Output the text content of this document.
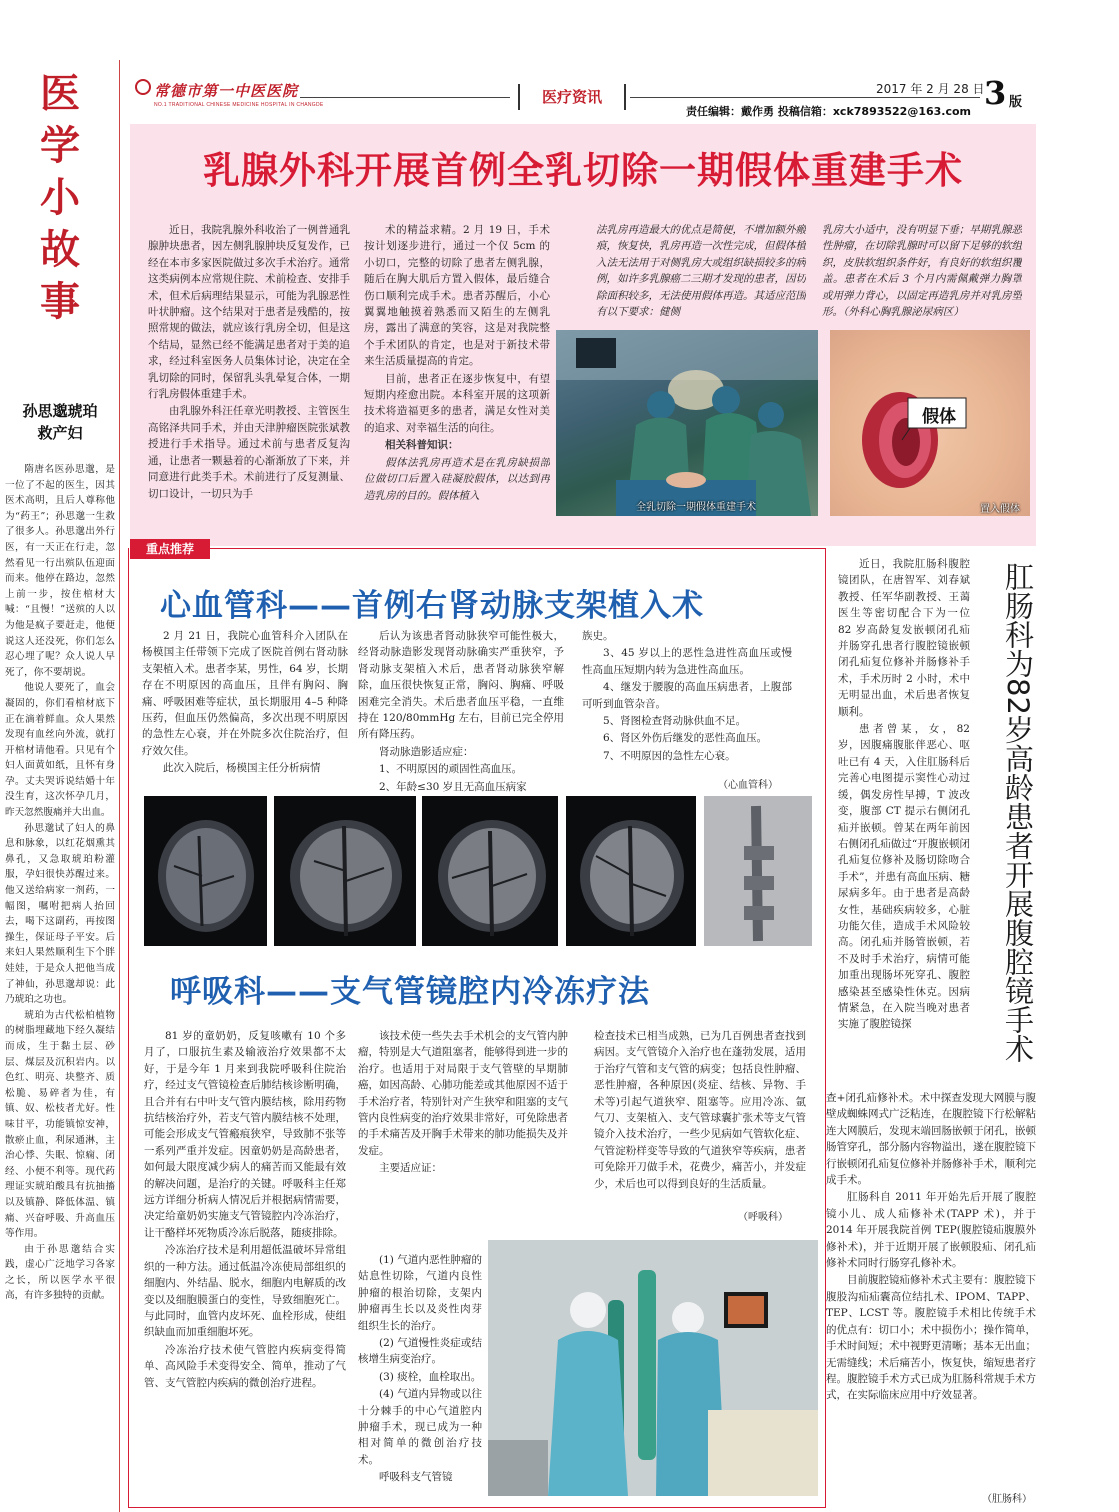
医学小故事
孙思邈琥珀
救产妇

隋唐名医孙思邈，是一位了不起的医生，因其医术高明，且后人尊称他为“药王”；孙思邈一生救了很多人。孙思邈出外行医，有一天正在行走，忽然看见一行出殡队伍迎面而来。他停在路边，忽然上前一步，按住棺材大喊：“且慢！”送殡的人以为他是疯子要赶走，他便说这人还没死，你们怎么忍心埋了呢？众人说人早死了，你不要胡说。

他说人要死了，血会凝固的，你们看棺材底下正在滴着鲜血。众人果然发现有血丝向外流，就打开棺材请他看。只见有个妇人面黄如纸，且怀有身孕。丈夫哭诉说结婚十年没生育，这次怀孕几月，昨天忽然腹痛并大出血。

孙思邈试了妇人的鼻息和脉象，以红花烟熏其鼻孔，又急取琥珀粉灌服，孕妇很快苏醒过来。他又送给病家一剂药，一幅图，嘱咐把病人抬回去，喝下这副药，再按图操生，保证母子平安。后来妇人果然顺利生下个胖娃娃，于是众人把他当成了神仙，孙思邈却说：此乃琥珀之功也。

琥珀为古代松柏植物的树脂埋藏地下经久凝结而成，生于黏土层、砂层、煤层及沉积岩内。以色红、明亮、块整齐、质松脆、易碎者为佳，有镇、奴、松枝者尤好。性味甘平，功能镇惊安神，散瘀止血，利尿通淋，主治心悸、失眠、惊痫、闭经、小便不利等。现代药理证实琥珀酸具有抗抽搐以及镇静、降低体温、镇痛、兴奋呼吸、升高血压等作用。

由于孙思邈结合实践，虚心广泛地学习各家之长，所以医学水平很高，有许多独特的贡献。

常德市第一中医医院
NO.1 TRADITIONAL CHINESE MEDICINE HOSPITAL IN CHANGDE	医疗资讯	2017 年 2 月 28 日 3 版
责任编辑：戴作勇 投稿信箱：xck7893522@163.com
乳腺外科开展首例全乳切除一期假体重建手术

近日，我院乳腺外科收治了一例普通乳腺肿块患者，因左侧乳腺肿块反复发作，已经在本市多家医院做过多次手术治疗。通常这类病例本应常规住院、术前检查、安排手术，但术后病理结果显示，可能为乳腺恶性叶状肿瘤。这个结果对于患者是残酷的，按照常规的做法，就应该行乳房全切，但是这个结局，显然已经不能满足患者对于美的追求，经过科室医务人员集体讨论，决定在全乳切除的同时，保留乳头乳晕复合体，一期行乳房假体重建手术。

由乳腺外科汪任章光明教授、主管医生高铭泽共同手术，并由天津肿瘤医院张斌教授进行手术指导。通过术前与患者反复沟通，让患者一颗悬着的心渐渐放了下来，并同意进行此类手术。术前进行了反复测量、切口设计，一切只为手

术的精益求精。2 月 19 日，手术按计划逐步进行，通过一个仅 5cm 的小切口，完整的切除了患者左侧乳腺，随后在胸大肌后方置入假体，最后缝合伤口顺利完成手术。患者苏醒后，小心翼翼地触摸着熟悉而又陌生的左侧乳房，露出了满意的笑容，这是对我院整个手术团队的肯定，也是对于新技术带来生活质量提高的肯定。

目前，患者正在逐步恢复中，有望短期内痊愈出院。本科室开展的这项新技术将造福更多的患者，满足女性对美的追求、对幸福生活的向往。

相关科普知识：

假体法乳房再造术是在乳房缺损部位做切口后置入硅凝胶假体，以达到再造乳房的目的。假体植入

法乳房再造最大的优点是简便，不增加额外瘢痕，恢复快，乳房再造一次性完成，但假体植入法无法用于对侧乳房大或组织缺损较多的病例，如许多乳腺癌二三期才发现的患者，因切除面积较多，无法使用假体再造。其适应范围有以下要求：健侧

乳房大小适中，没有明显下垂；早期乳腺恶性肿瘤，在切除乳腺时可以留下足够的软组织，皮肤软组织条件好，有良好的软组织覆盖。患者在术后 3 个月内需佩戴弹力胸罩或用弹力背心，以固定再造乳房并对乳房塑形。（外科心胸乳腺泌尿病区）

全乳切除一期假体重建手术
假体
置入假体
重点推荐
心血管科——首例右肾动脉支架植入术

2 月 21 日，我院心血管科介入团队在杨模国主任带领下完成了医院首例右肾动脉支架植入术。患者李某，男性，64 岁，长期存在不明原因的高血压，且伴有胸闷、胸痛、呼吸困难等症状，虽长期服用 4–5 种降压药，但血压仍然偏高，多次出现不明原因的急性左心衰，并在外院多次住院治疗，但疗效欠佳。

此次入院后，杨模国主任分析病情

后认为该患者肾动脉狭窄可能性极大，经肾动脉造影发现肾动脉确实严重狭窄，予肾动脉支架植入术后，患者肾动脉狭窄解除，血压很快恢复正常，胸闷、胸痛、呼吸困难完全消失。术后患者血压平稳，一直维持在 120/80mmHg 左右，目前已完全停用所有降压药。

肾动脉造影适应症：

1、不明原因的顽固性高血压。

2、年龄≤30 岁且无高血压病家

族史。

3、45 岁以上的恶性急进性高血压或慢性高血压短期内转为急进性高血压。

4、继发于腰腹的高血压病患者，上腹部可听到血管杂音。

5、肾图检查肾动脉供血不足。

6、肾区外伤后继发的恶性高血压。

7、不明原因的急性左心衰。

（心血管科）
呼吸科——支气管镜腔内冷冻疗法

81 岁的童奶奶，反复咳嗽有 10 个多月了，口服抗生素及输液治疗效果都不太好，于是今年 1 月来到我院呼吸科住院治疗，经过支气管镜检查后肺结核诊断明确，且合并有右中叶支气管内膜结核，除用药物抗结核治疗外，若支气管内膜结核不处理，可能会形成支气管瘢痕狭窄，导致肺不张等一系列严重并发症。因童奶奶是高龄患者，如何最大限度减少病人的痛苦而又能最有效的解决问题，是治疗的关键。呼吸科主任郑远方详细分析病人情况后并根据病情需要，决定给童奶奶实施支气管镜腔内冷冻治疗，让干酪样坏死物质冷冻后脱落，随痰排除。

冷冻治疗技术是利用超低温破坏异常组织的一种方法。通过低温冷冻使局部组织的细胞内、外结晶、脱水，细胞内电解质的改变以及细胞膜蛋白的变性，导致细胞死亡。与此同时，血管内皮坏死、血栓形成，使组织缺血而加重细胞坏死。

冷冻治疗技术使气管腔内疾病变得简单、高风险手术变得安全、简单，推动了气管、支气管腔内疾病的微创治疗进程。

该技术使一些失去手术机会的支气管内肿瘤，特别是大气道阻塞者，能够得到进一步的治疗。也适用于对局限于支气管壁的早期肺癌，如因高龄、心肺功能差或其他原因不适于手术治疗者，特别针对产生狭窄和阻塞的支气管内良性病变的治疗效果非常好，可免除患者的手术痛苦及开胸手术带来的肺功能损失及并发症。

主要适应证：

(1) 气道内恶性肿瘤的姑息性切除，气道内良性肿瘤的根治切除，支架内肿瘤再生长以及炎性肉芽组织生长的治疗。

(2) 气道慢性炎症或结核增生病变治疗。

(3) 痰栓，血栓取出。

(4) 气道内异物或以往十分棘手的中心气道腔内肿瘤手术，现已成为一种相对简单的微创治疗技术。

呼吸科支气管镜

检查技术已相当成熟，已为几百例患者查找到病因。支气管镜介入治疗也在蓬勃发展，适用于治疗气管和支气管的病变；包括良性肿瘤、恶性肿瘤，各种原因(炎症、结核、异物、手术等)引起气道狭窄、阻塞等。应用冷冻、氩气刀、支架植入、支气管球囊扩张术等支气管镜介入技术治疗，一些少见病如气管软化症、气管淀粉样变等导致的气道狭窄等疾病，患者可免除开刀做手术，花费少，痛苦小，并发症少，术后也可以得到良好的生活质量。

（呼吸科）
肛肠科为82岁高龄患者开展腹腔镜手术

近日，我院肛肠科腹腔镜团队，在唐智军、刘春斌教授、任军华副教授、王蔼医生等密切配合下为一位 82 岁高龄复发嵌顿闭孔疝并肠穿孔患者行腹腔镜嵌顿闭孔疝复位修补并肠修补手术，手术历时 2 小时，术中无明显出血，术后患者恢复顺利。

患者曾某，女，82 岁，因腹痛腹胀伴恶心、呕吐已有 4 天，入住肛肠科后完善心电图提示窦性心动过缓，偶发房性早搏，T 波改变，腹部 CT 提示右侧闭孔疝并嵌顿。曾某在两年前因右侧闭孔疝做过“开腹嵌顿闭孔疝复位修补及肠切除吻合手术”，并患有高血压病、糖尿病多年。由于患者是高龄女性，基础疾病较多，心脏功能欠佳，造成手术风险较高。闭孔疝并肠管嵌顿，若不及时手术治疗，病情可能加重出现肠坏死穿孔、腹腔感染甚至感染性休克。因病情紧急，在入院当晚对患者实施了腹腔镜探

查+闭孔疝修补术。术中探查发现大网膜与腹壁成蜘蛛网式广泛粘连，在腹腔镜下行松解粘连大网膜后，发现末端回肠嵌顿于闭孔，嵌顿肠管穿孔，部分肠内容物溢出，遂在腹腔镜下行嵌顿闭孔疝复位修补并肠修补手术，顺利完成手术。

肛肠科自 2011 年开始先后开展了腹腔镜小儿、成人疝修补术(TAPP 术)，并于 2014 年开展我院首例 TEP(腹腔镜疝腹膜外修补术)，并于近期开展了嵌顿股疝、闭孔疝修补术同时行肠穿孔修补术。

目前腹腔镜疝修补术式主要有：腹腔镜下腹股沟疝疝囊高位结扎术、IPOM、TAPP、TEP、LCST 等。腹腔镜手术相比传统手术的优点有：切口小；术中损伤小；操作简单，手术时间短；术中视野更清晰；基本无出血；无需缝线；术后痛苦小，恢复快，缩短患者疗程。腹腔镜手术方式已成为肛肠科常规手术方式，在实际临床应用中疗效显著。

（肛肠科）
